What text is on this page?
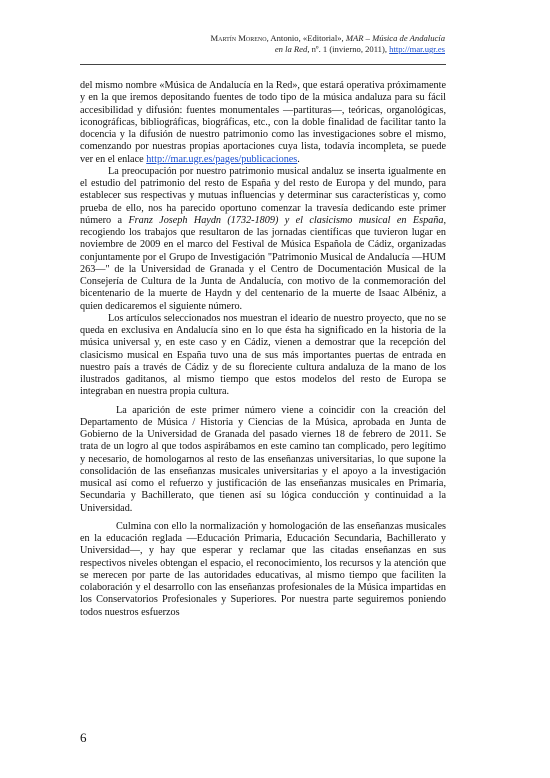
Martín Moreno, Antonio, «Editorial», MAR – Música de Andalucía en la Red, nº. 1 (invierno, 2011), http://mar.ugr.es

del mismo nombre «Música de Andalucía en la Red», que estará operativa próximamente y en la que iremos depositando fuentes de todo tipo de la música andaluza para su fácil accesibilidad y difusión: fuentes monumentales —partituras—, teóricas, organológicas, iconográficas, bibliográficas, biográficas, etc., con la doble finalidad de facilitar tanto la docencia y la difusión de nuestro patrimonio como las investigaciones sobre el mismo, comenzando por nuestras propias aportaciones cuya lista, todavía incompleta, se puede ver en el enlace http://mar.ugr.es/pages/publicaciones.

La preocupación por nuestro patrimonio musical andaluz se inserta igualmente en el estudio del patrimonio del resto de España y del resto de Europa y del mundo, para establecer sus respectivas y mutuas influencias y determinar sus características y, como prueba de ello, nos ha parecido oportuno comenzar la travesía dedicando este primer número a Franz Joseph Haydn (1732-1809) y el clasicismo musical en España, recogiendo los trabajos que resultaron de las jornadas científicas que tuvieron lugar en noviembre de 2009 en el marco del Festival de Música Española de Cádiz, organizadas conjuntamente por el Grupo de Investigación "Patrimonio Musical de Andalucía —HUM 263—" de la Universidad de Granada y el Centro de Documentación Musical de la Consejería de Cultura de la Junta de Andalucía, con motivo de la conmemoración del bicentenario de la muerte de Haydn y del centenario de la muerte de Isaac Albéniz, a quien dedicaremos el siguiente número.

Los artículos seleccionados nos muestran el ideario de nuestro proyecto, que no se queda en exclusiva en Andalucía sino en lo que ésta ha significado en la historia de la música universal y, en este caso y en Cádiz, vienen a demostrar que la recepción del clasicismo musical en España tuvo una de sus más importantes puertas de entrada en nuestro país a través de Cádiz y de su floreciente cultura andaluza de la mano de los ilustrados gaditanos, al mismo tiempo que estos modelos del resto de Europa se integraban en nuestra propia cultura.

La aparición de este primer número viene a coincidir con la creación del Departamento de Música / Historia y Ciencias de la Música, aprobada en Junta de Gobierno de la Universidad de Granada del pasado viernes 18 de febrero de 2011. Se trata de un logro al que todos aspirábamos en este camino tan complicado, pero legítimo y necesario, de homologarnos al resto de las enseñanzas universitarias, lo que supone la consolidación de las enseñanzas musicales universitarias y el apoyo a la investigación musical así como el refuerzo y justificación de las enseñanzas musicales en Primaria, Secundaria y Bachillerato, que tienen así su lógica conducción y continuidad a la Universidad.

Culmina con ello la normalización y homologación de las enseñanzas musicales en la educación reglada —Educación Primaria, Educación Secundaria, Bachillerato y Universidad—, y hay que esperar y reclamar que las citadas enseñanzas en sus respectivos niveles obtengan el espacio, el reconocimiento, los recursos y la atención que se merecen por parte de las autoridades educativas, al mismo tiempo que faciliten la colaboración y el desarrollo con las enseñanzas profesionales de la Música impartidas en los Conservatorios Profesionales y Superiores. Por nuestra parte seguiremos poniendo todos nuestros esfuerzos

6
